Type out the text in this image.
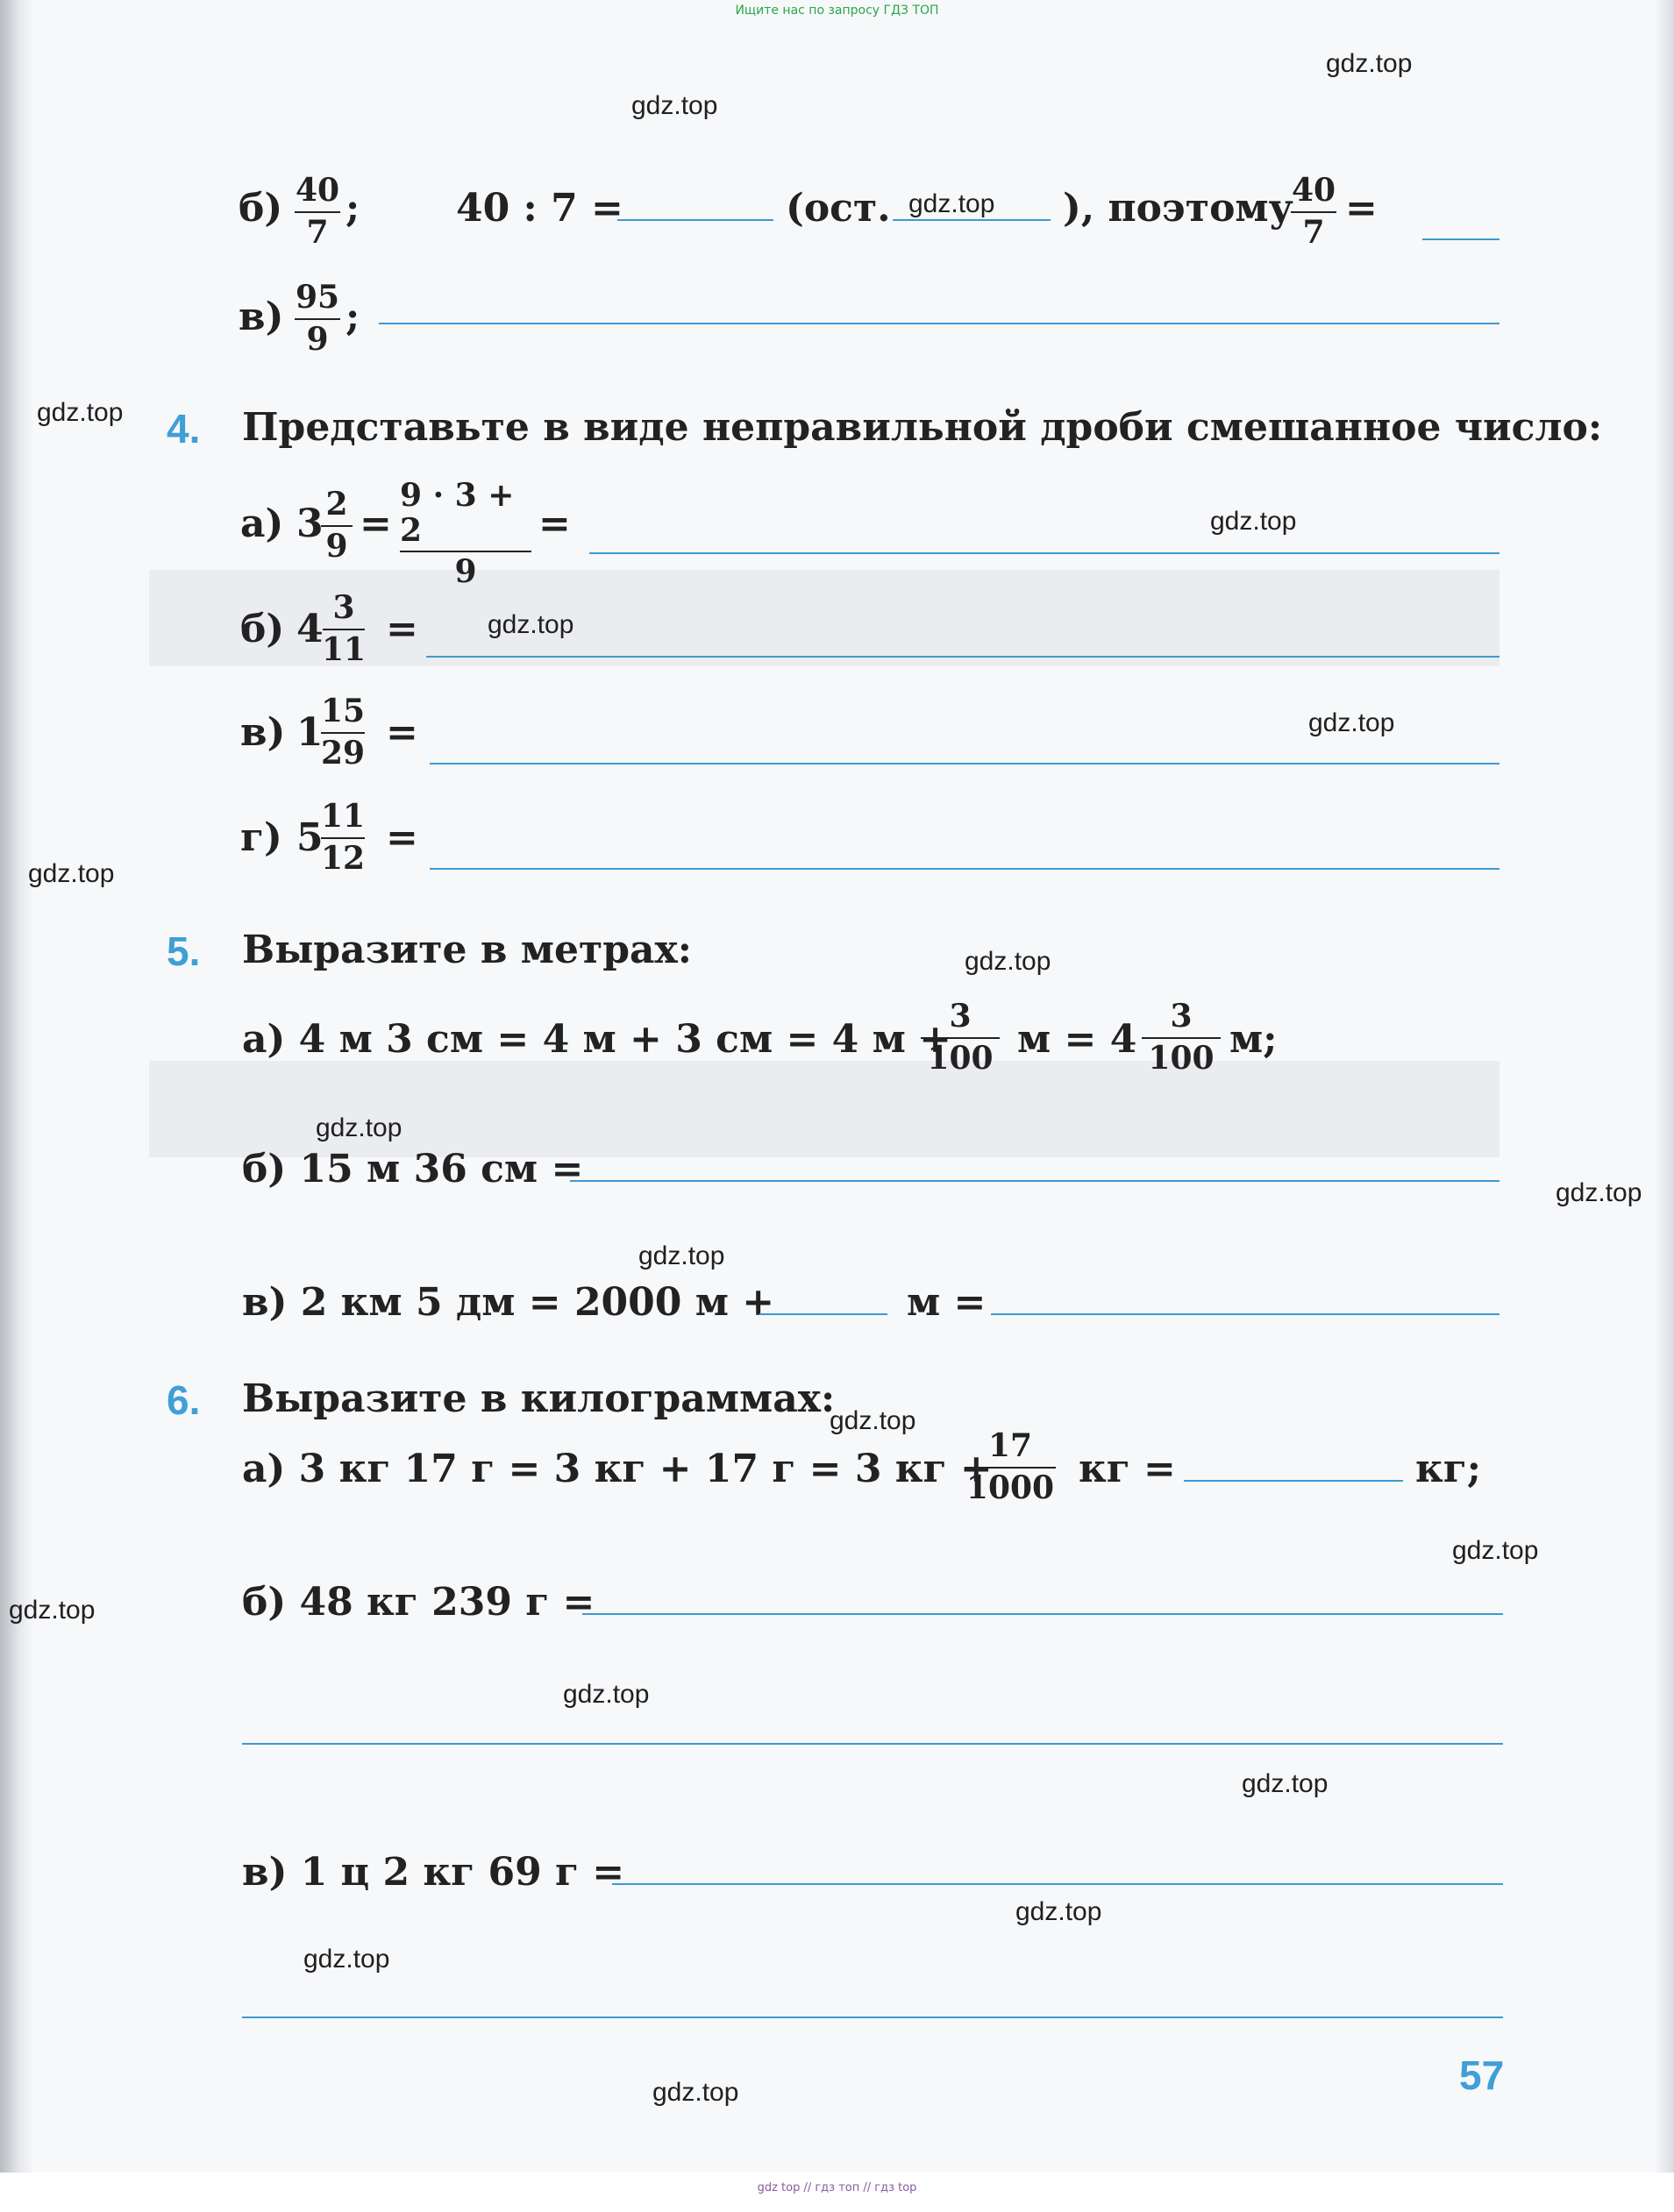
б) 40
7
; 40 : 7 =	(ост.	), поэтому
40
7
=
в) 95
9 ;
4. Представьте в виде неправильной дроби смешанное число:
а) 3 2
9 =
9 · 3 + 2
9
=
б) 4 3
11 =
в) 1
15
29 =
г) 5
11
12 =
5. Выразите в метрах:
а) 4 м 3 см = 4 м + 3 см = 4 м +
3
100 м = 4
3
100 м;
б) 15 м 36 см =
в) 2 км 5 дм = 2000 м +	м =
6. Выразите в килограммах:
а) 3 кг 17 г = 3 кг + 17 г = 3 кг +
17
1000 кг =	кг;
б) 48 кг 239 г =
в) 1 ц 2 кг 69 г =
57
gdz.top
gdz.top
gdz.top
gdz.top
gdz.top
gdz.top
gdz.top
gdz.top
gdz.top
gdz.top
gdz.top
gdz.top
gdz.top
gdz.top
gdz.top
gdz.top
gdz.top
gdz.top
gdz.top
gdz.top
Ищите нас по запросу ГДЗ ТОП
gdz top // гдз топ // гдз top
